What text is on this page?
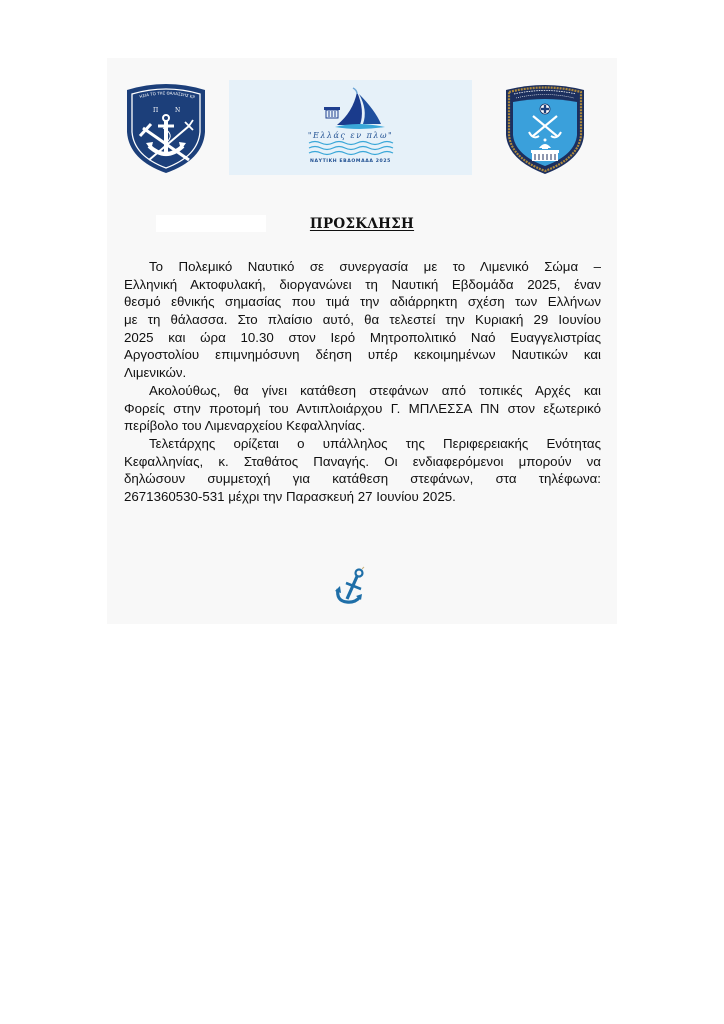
ΗΣΙΑ ΤΟ ΤΗΣ ΘΑΛΑΣΣΗΣ ΚΡ
Π	Ν
"Ελλάς εν πλω"
ΝΑΥΤΙΚΗ ΕΒΔΟΜΑΔΑ 2025
ΠΡΟΣΚΛΗΣΗ
Το Πολεμικό Ναυτικό σε συνεργασία με το Λιμενικό Σώμα –
Ελληνική Ακτοφυλακή, διοργανώνει τη Ναυτική Εβδομάδα 2025, έναν
θεσμό εθνικής σημασίας που τιμά την αδιάρρηκτη σχέση των Ελλήνων
με τη θάλασσα. Στο πλαίσιο αυτό, θα τελεστεί την Κυριακή 29 Ιουνίου
2025 και ώρα 10.30 στον Ιερό Μητροπολιτικό Ναό Ευαγγελιστρίας
Αργοστολίου επιμνημόσυνη δέηση υπέρ κεκοιμημένων Ναυτικών και
Λιμενικών.
Ακολούθως, θα γίνει κατάθεση στεφάνων από τοπικές Αρχές και
Φορείς στην προτομή του Αντιπλοιάρχου Γ. ΜΠΛΕΣΣΑ ΠΝ στον εξωτερικό
περίβολο του Λιμεναρχείου Κεφαλληνίας.
Τελετάρχης ορίζεται ο υπάλληλος της Περιφερειακής Ενότητας
Κεφαλληνίας, κ. Σταθάτος Παναγής. Οι ενδιαφερόμενοι μπορούν να
δηλώσουν συμμετοχή για κατάθεση στεφάνων, στα τηλέφωνα:
2671360530-531 μέχρι την Παρασκευή 27 Ιουνίου 2025.
